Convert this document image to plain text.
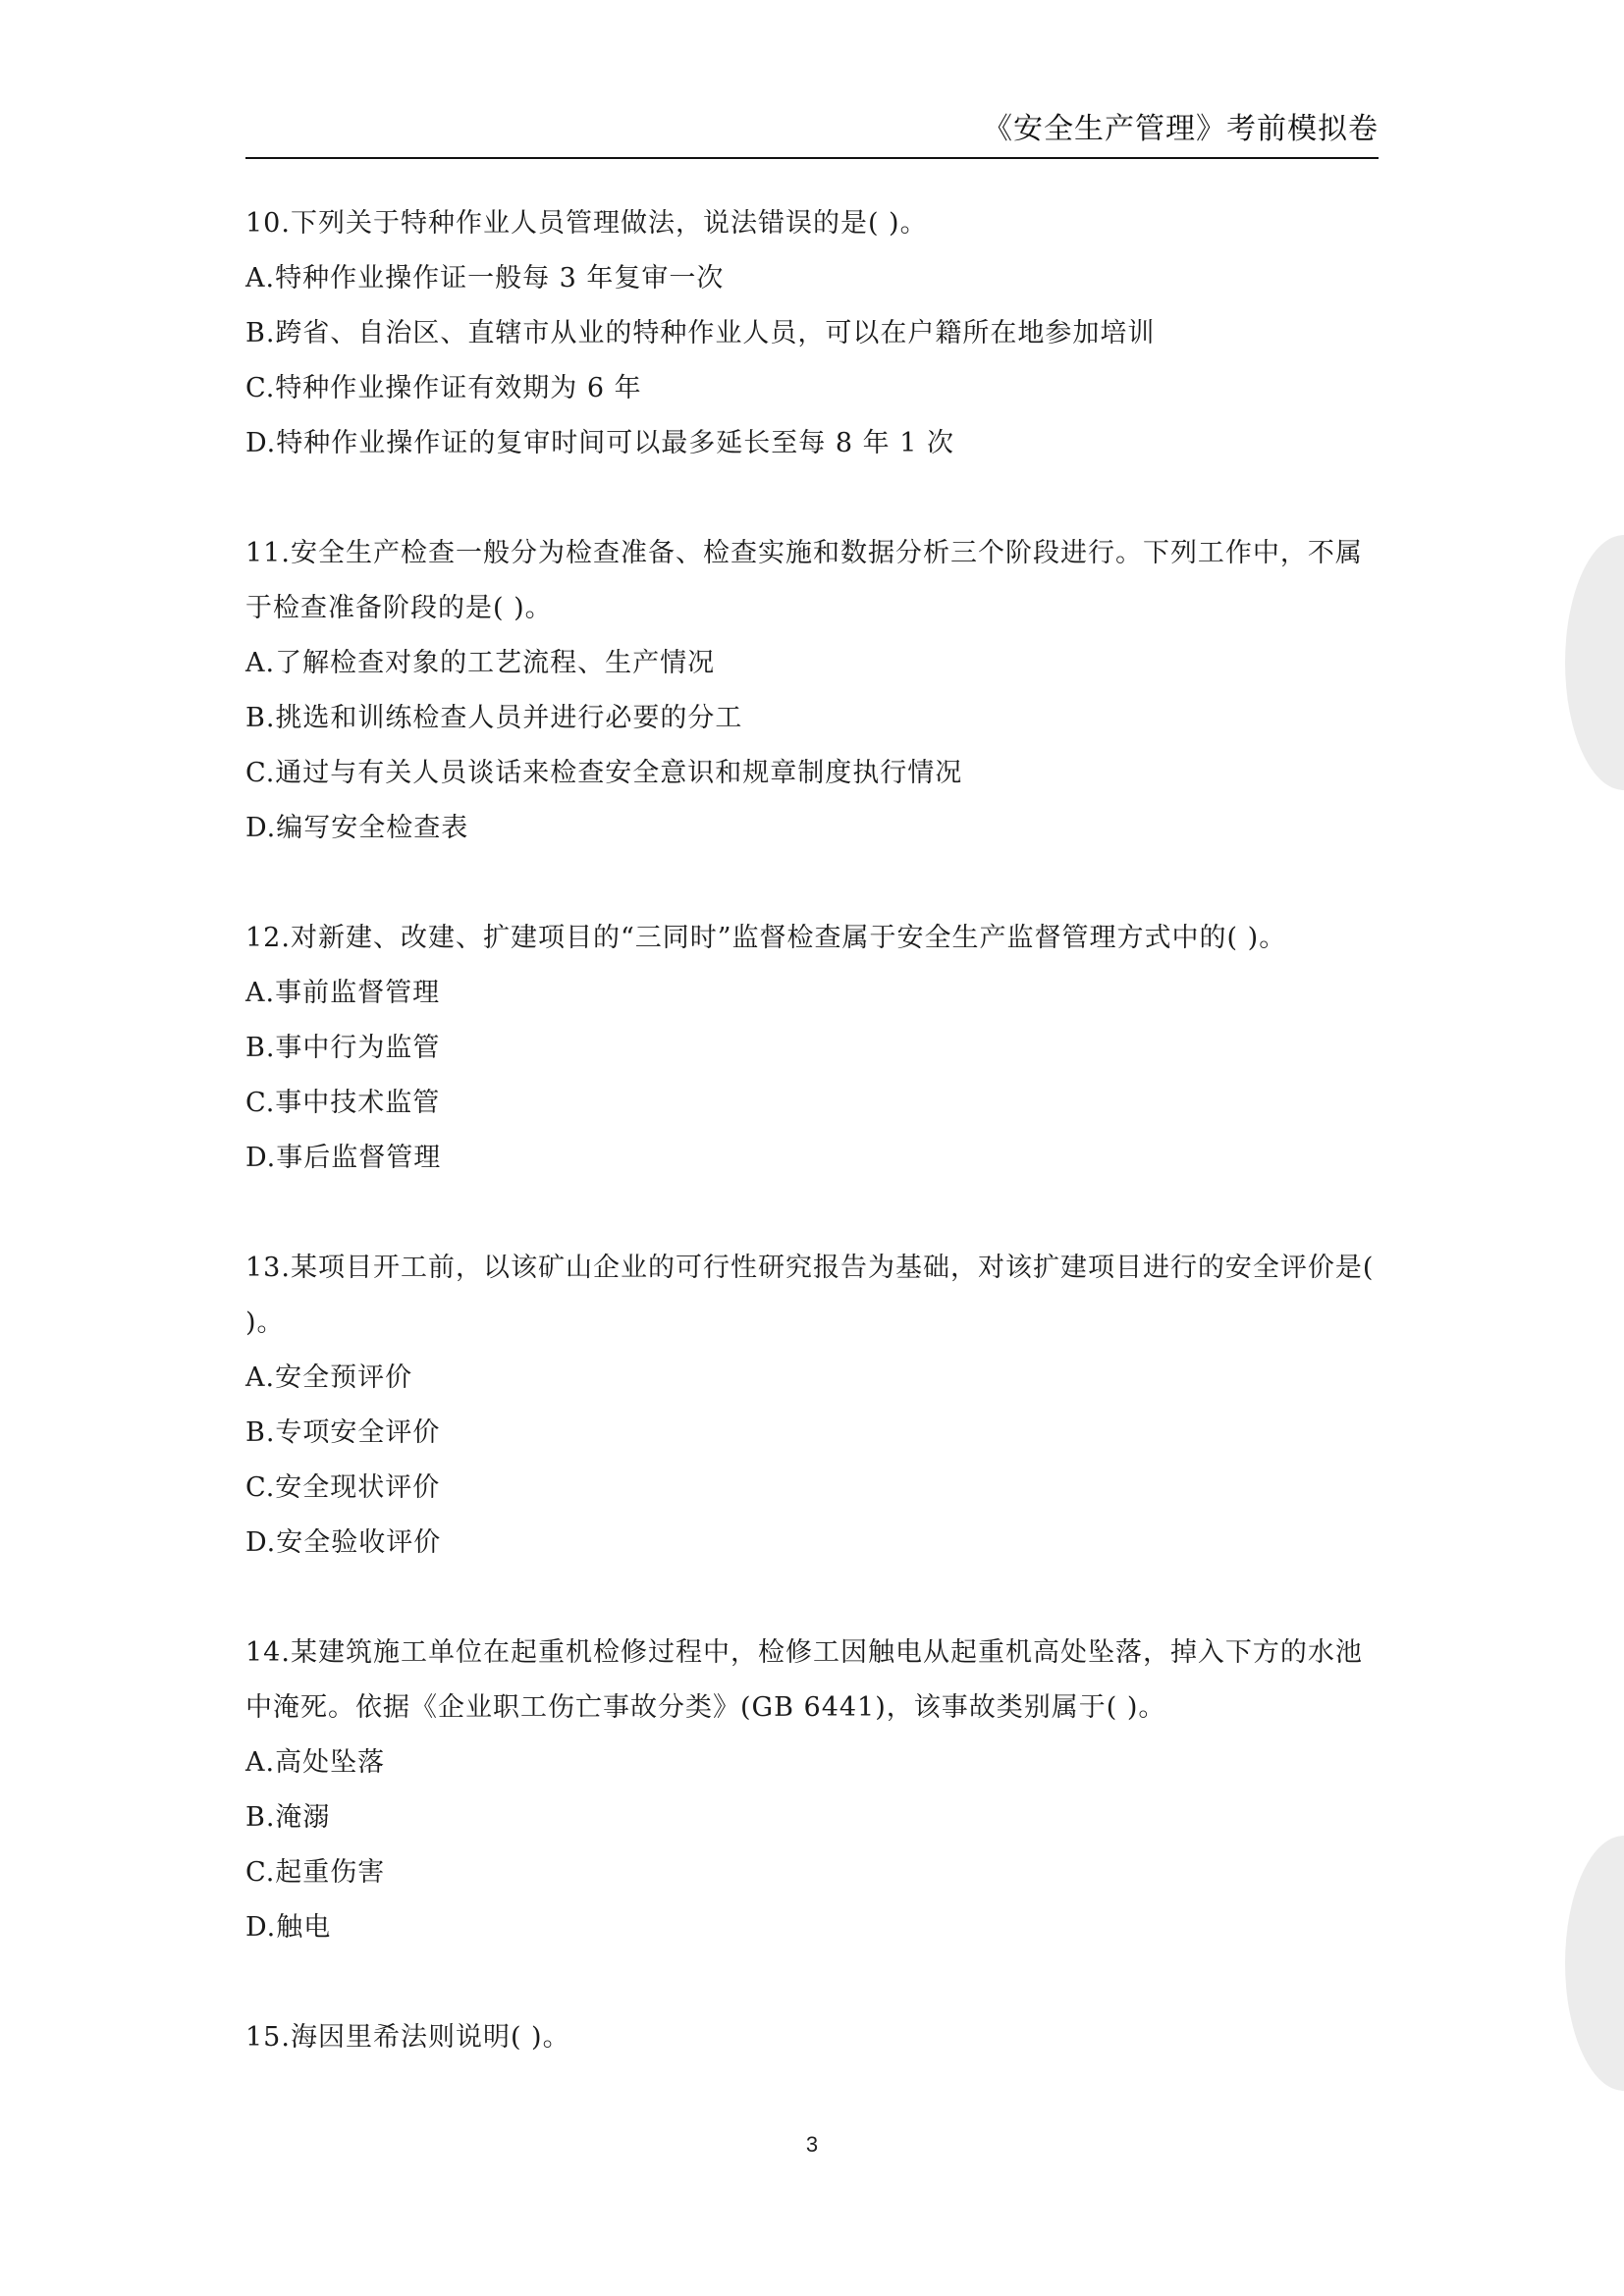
《安全生产管理》考前模拟卷

10.下列关于特种作业人员管理做法，说法错误的是( )。

A.特种作业操作证一般每 3 年复审一次

B.跨省、自治区、直辖市从业的特种作业人员，可以在户籍所在地参加培训

C.特种作业操作证有效期为 6 年

D.特种作业操作证的复审时间可以最多延长至每 8 年 1 次

11.安全生产检查一般分为检查准备、检查实施和数据分析三个阶段进行。下列工作中，不属于检查准备阶段的是( )。

A.了解检查对象的工艺流程、生产情况

B.挑选和训练检查人员并进行必要的分工

C.通过与有关人员谈话来检查安全意识和规章制度执行情况

D.编写安全检查表

12.对新建、改建、扩建项目的“三同时”监督检查属于安全生产监督管理方式中的( )。

A.事前监督管理

B.事中行为监管

C.事中技术监管

D.事后监督管理

13.某项目开工前，以该矿山企业的可行性研究报告为基础，对该扩建项目进行的安全评价是( )。

A.安全预评价

B.专项安全评价

C.安全现状评价

D.安全验收评价

14.某建筑施工单位在起重机检修过程中，检修工因触电从起重机高处坠落，掉入下方的水池中淹死。依据《企业职工伤亡事故分类》(GB 6441)，该事故类别属于( )。

A.高处坠落

B.淹溺

C.起重伤害

D.触电

15.海因里希法则说明( )。

3
